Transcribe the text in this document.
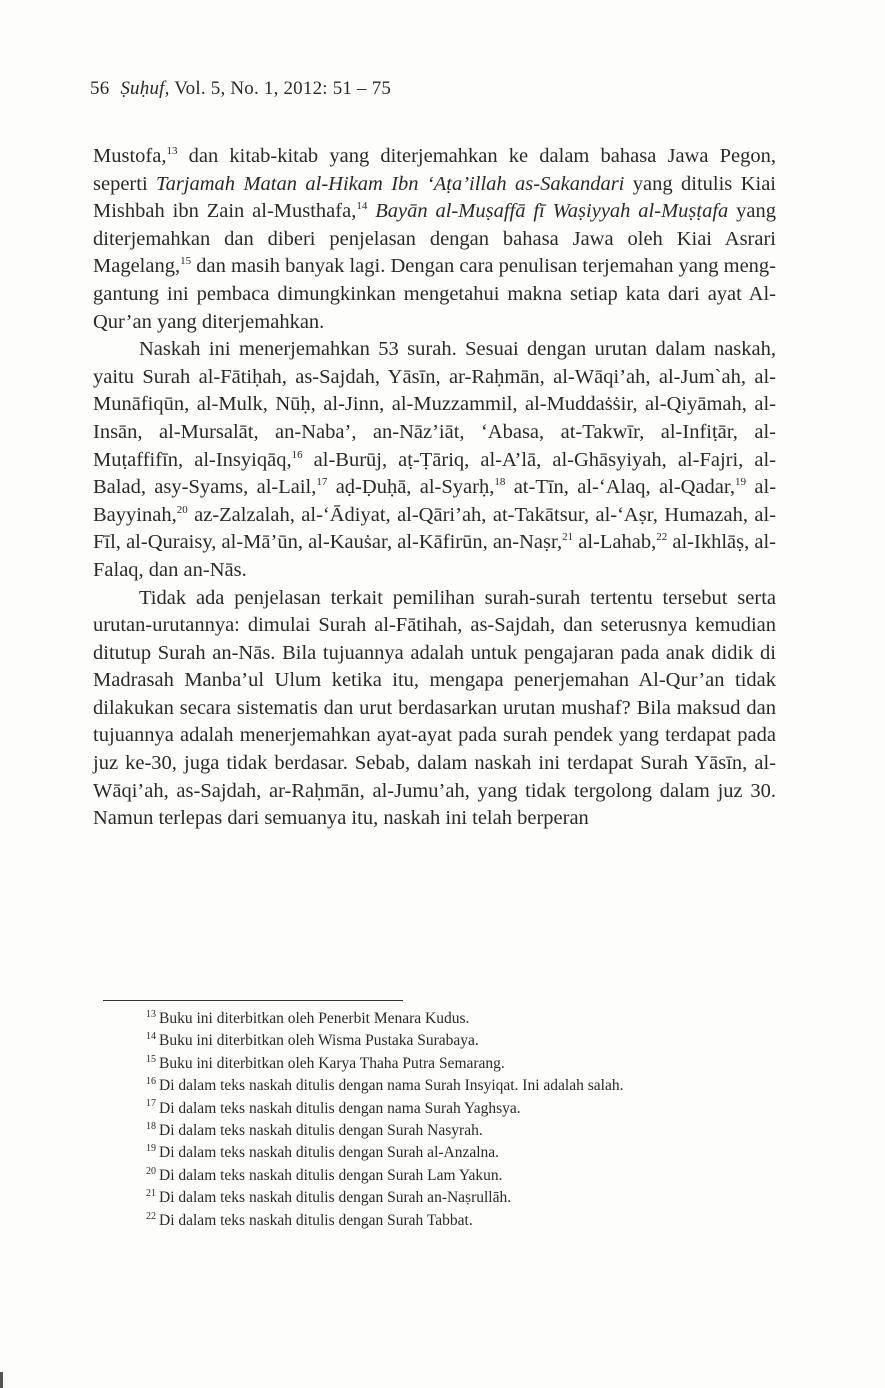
56 Ṣuḥuf, Vol. 5, No. 1, 2012: 51 – 75

Mustofa,$^{13}$ dan kitab-kitab yang diterjemahkan ke dalam bahasa Jawa Pegon, seperti Tarjamah Matan al-Hikam Ibn ‘Aṭa’illah as-Sakandari yang ditulis Kiai Mishbah ibn Zain al-Musthafa,$^{14}$ Bayān al-Muṣaffā fī Waṣiyyah al-Muṣṭafa yang diterjemahkan dan diberi penjelasan dengan bahasa Jawa oleh Kiai Asrari Magelang,$^{15}$ dan masih banyak lagi. Dengan cara penulisan terjemahan yang menggantung ini pembaca dimungkinkan mengetahui makna setiap kata dari ayat Al-Qur’an yang diterjemahkan.

Naskah ini menerjemahkan 53 surah. Sesuai dengan urutan dalam naskah, yaitu Surah al-Fātiḥah, as-Sajdah, Yāsīn, ar-Raḥmān, al-Wāqi’ah, al-Jum`ah, al-Munāfiqūn, al-Mulk, Nūḥ, al-Jinn, al-Muzzammil, al-Muddaṡṡir, al-Qiyāmah, al-Insān, al-Mursalāt, an-Naba’, an-Nāz’iāt, ‘Abasa, at-Takwīr, al-Infiṭār, al-Muṭaffifīn, al-Insyiqāq,$^{16}$ al-Burūj, aṭ-Ṭāriq, al-A’lā, al-Ghāsyiyah, al-Fajri, al-Balad, asy-Syams, al-Lail,$^{17}$ aḍ-Ḍuḥā, al-Syarḥ,$^{18}$ at-Tīn, al-‘Alaq, al-Qadar,$^{19}$ al-Bayyinah,$^{20}$ az-Zalzalah, al-‘Ādiyat, al-Qāri’ah, at-Takātsur, al-‘Aṣr, Humazah, al-Fīl, al-Quraisy, al-Mā’ūn, al-Kauṡar, al-Kāfirūn, an-Naṣr,$^{21}$ al-Lahab,$^{22}$ al-Ikhlāṣ, al-Falaq, dan an-Nās.

Tidak ada penjelasan terkait pemilihan surah-surah tertentu tersebut serta urutan-urutannya: dimulai Surah al-Fātihah, as-Sajdah, dan seterusnya kemudian ditutup Surah an-Nās. Bila tujuannya adalah untuk pengajaran pada anak didik di Madrasah Manba’ul Ulum ketika itu, mengapa penerjemahan Al-Qur’an tidak dilakukan secara sistematis dan urut berdasarkan urutan mushaf? Bila maksud dan tujuannya adalah menerjemahkan ayat-ayat pada surah pendek yang terdapat pada juz ke-30, juga tidak berdasar. Sebab, dalam naskah ini terdapat Surah Yāsīn, al-Wāqi’ah, as-Sajdah, ar-Raḥmān, al-Jumu’ah, yang tidak tergolong dalam juz 30. Namun terlepas dari semuanya itu, naskah ini telah berperan

$^{13}$ Buku ini diterbitkan oleh Penerbit Menara Kudus.
$^{14}$ Buku ini diterbitkan oleh Wisma Pustaka Surabaya.
$^{15}$ Buku ini diterbitkan oleh Karya Thaha Putra Semarang.
$^{16}$ Di dalam teks naskah ditulis dengan nama Surah Insyiqat. Ini adalah salah.
$^{17}$ Di dalam teks naskah ditulis dengan nama Surah Yaghsya.
$^{18}$ Di dalam teks naskah ditulis dengan Surah Nasyrah.
$^{19}$ Di dalam teks naskah ditulis dengan Surah al-Anzalna.
$^{20}$ Di dalam teks naskah ditulis dengan Surah Lam Yakun.
$^{21}$ Di dalam teks naskah ditulis dengan Surah an-Naṣrullāh.
$^{22}$ Di dalam teks naskah ditulis dengan Surah Tabbat.
